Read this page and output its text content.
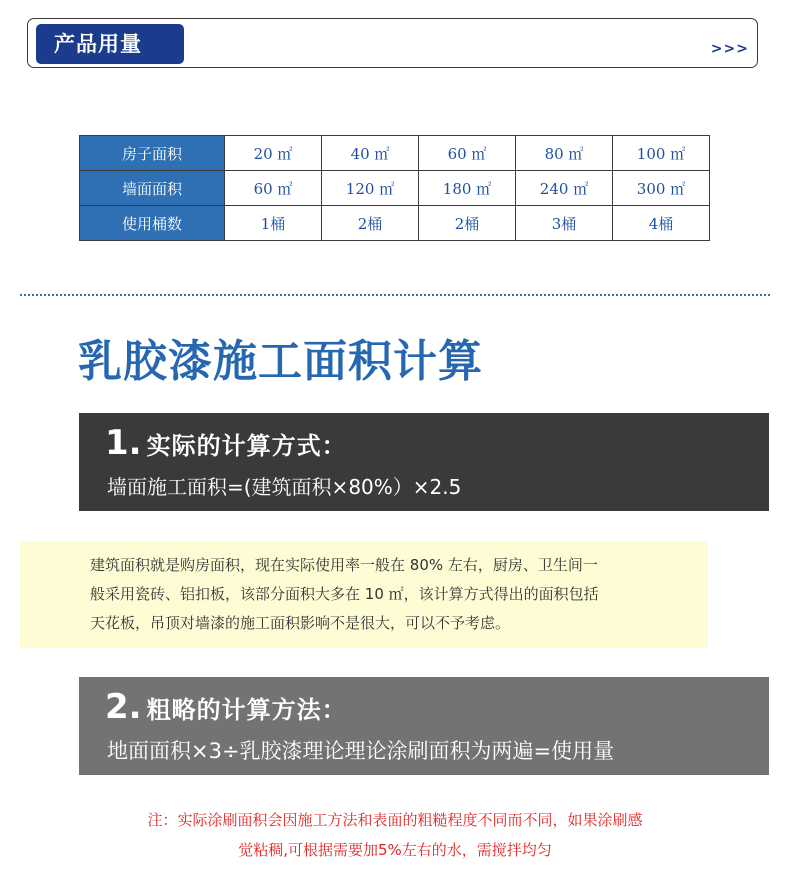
产品用量	>>>
房子面积	20 ㎡	40 ㎡	60 ㎡	80 ㎡	100 ㎡
墙面面积	60 ㎡	120 ㎡	180 ㎡	240 ㎡	300 ㎡
使用桶数	1桶	2桶	2桶	3桶	4桶
乳胶漆施工面积计算
1. 实际的计算方式：
墙面施工面积=(建筑面积×80%）×2.5
建筑面积就是购房面积，现在实际使用率一般在 80% 左右，厨房、卫生间一
般采用瓷砖、铝扣板，该部分面积大多在 10 ㎡，该计算方式得出的面积包括
天花板，吊顶对墙漆的施工面积影响不是很大，可以不予考虑。
2. 粗略的计算方法：
地面面积×3÷乳胶漆理论理论涂刷面积为两遍=使用量
注：实际涂刷面积会因施工方法和表面的粗糙程度不同而不同，如果涂刷感
觉粘稠,可根据需要加5%左右的水，需搅拌均匀
